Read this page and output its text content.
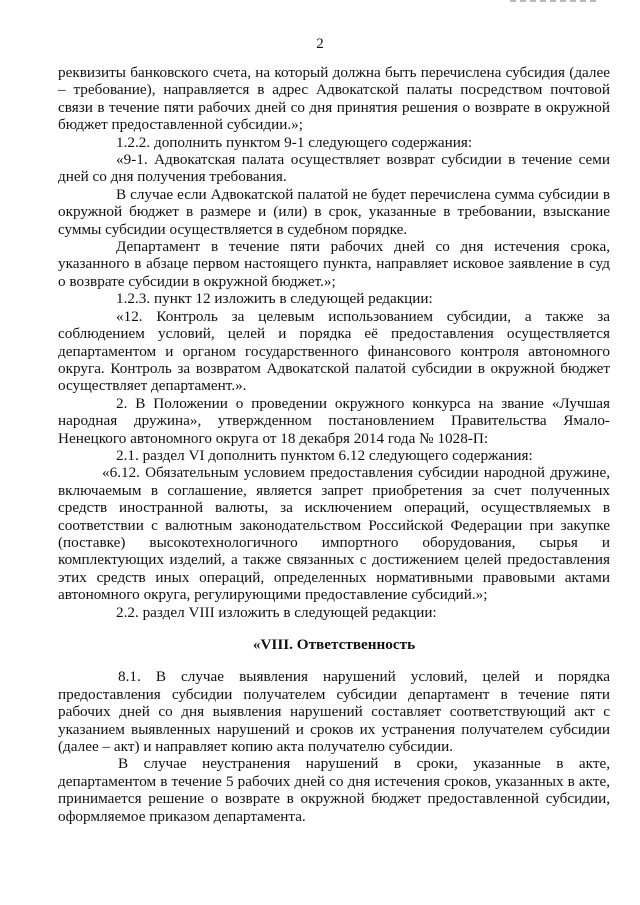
2

реквизиты банковского счета, на который должна быть перечислена субсидия (далее – требование), направляется в адрес Адвокатской палаты посредством почтовой связи в течение пяти рабочих дней со дня принятия решения о возврате в окружной бюджет предоставленной субсидии.»;

1.2.2. дополнить пунктом 9-1 следующего содержания:

«9-1. Адвокатская палата осуществляет возврат субсидии в течение семи дней со дня получения требования.

В случае если Адвокатской палатой не будет перечислена сумма субсидии в окружной бюджет в размере и (или) в срок, указанные в требовании, взыскание суммы субсидии осуществляется в судебном порядке.

Департамент в течение пяти рабочих дней со дня истечения срока, указанного в абзаце первом настоящего пункта, направляет исковое заявление в суд о возврате субсидии в окружной бюджет.»;

1.2.3. пункт 12 изложить в следующей редакции:

«12. Контроль за целевым использованием субсидии, а также за соблюдением условий, целей и порядка её предоставления осуществляется департаментом и органом государственного финансового контроля автономного округа. Контроль за возвратом Адвокатской палатой субсидии в окружной бюджет осуществляет департамент.».

2. В Положении о проведении окружного конкурса на звание «Лучшая народная дружина», утвержденном постановлением Правительства Ямало-Ненецкого автономного округа от 18 декабря 2014 года № 1028-П:

2.1. раздел VI дополнить пунктом 6.12 следующего содержания:

«6.12. Обязательным условием предоставления субсидии народной дружине, включаемым в соглашение, является запрет приобретения за счет полученных средств иностранной валюты, за исключением операций, осуществляемых в соответствии с валютным законодательством Российской Федерации при закупке (поставке) высокотехнологичного импортного оборудования, сырья и комплектующих изделий, а также связанных с достижением целей предоставления этих средств иных операций, определенных нормативными правовыми актами автономного округа, регулирующими предоставление субсидий.»;

2.2. раздел VIII изложить в следующей редакции:

«VIII. Ответственность

8.1. В случае выявления нарушений условий, целей и порядка предоставления субсидии получателем субсидии департамент в течение пяти рабочих дней со дня выявления нарушений составляет соответствующий акт с указанием выявленных нарушений и сроков их устранения получателем субсидии (далее – акт) и направляет копию акта получателю субсидии.

В случае неустранения нарушений в сроки, указанные в акте, департаментом в течение 5 рабочих дней со дня истечения сроков, указанных в акте, принимается решение о возврате в окружной бюджет предоставленной субсидии, оформляемое приказом департамента.
